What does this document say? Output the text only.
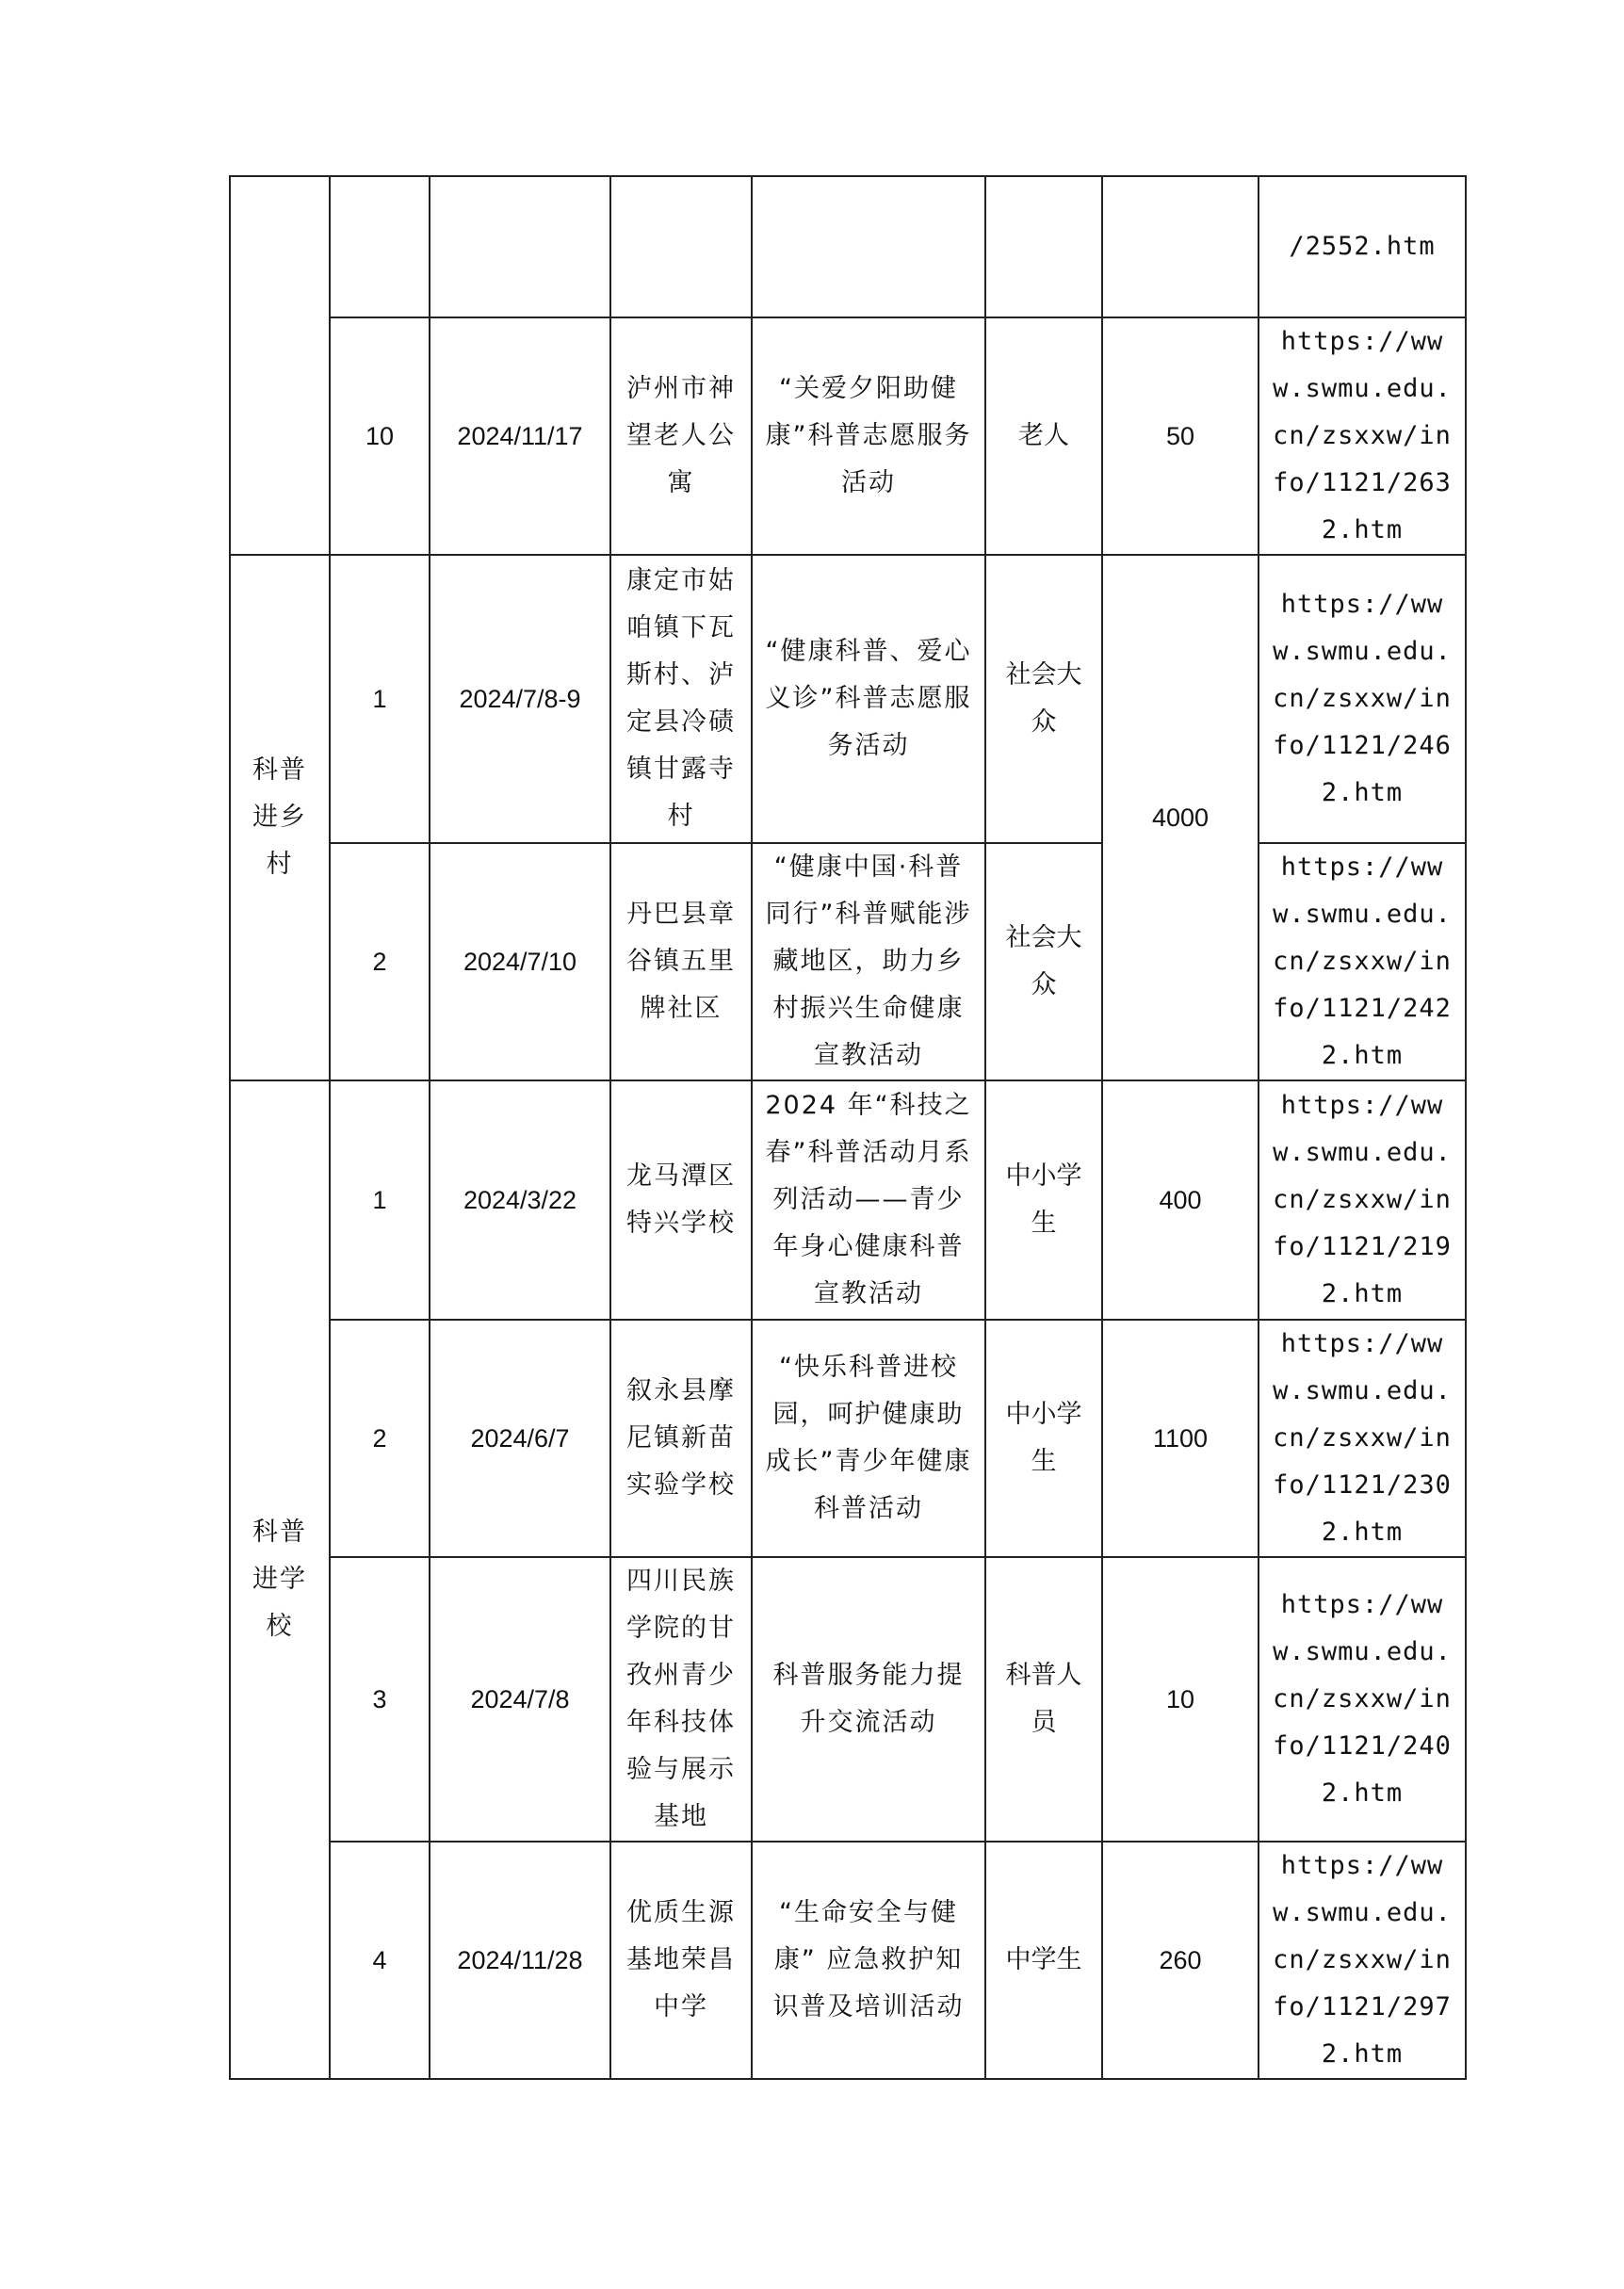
							/2552.htm
	10	2024/11/17	泸州市神望老人公寓	“关爱夕阳助健康”科普志愿服务活动	老人	50	https://www.swmu.edu.cn/zsxxw/info/1121/2632.htm
科普进乡村	1	2024/7/8-9	康定市姑咱镇下瓦斯村、泸定县冷碛镇甘露寺村	“健康科普、爱心义诊”科普志愿服务活动	社会大众	4000	https://www.swmu.edu.cn/zsxxw/info/1121/2462.htm
	2	2024/7/10	丹巴县章谷镇五里牌社区	“健康中国·科普同行”科普赋能涉藏地区，助力乡村振兴生命健康宣教活动	社会大众		https://www.swmu.edu.cn/zsxxw/info/1121/2422.htm
科普进学校	1	2024/3/22	龙马潭区特兴学校	2024 年“科技之春”科普活动月系列活动——青少年身心健康科普宣教活动	中小学生	400	https://www.swmu.edu.cn/zsxxw/info/1121/2192.htm
	2	2024/6/7	叙永县摩尼镇新苗实验学校	“快乐科普进校园，呵护健康助成长”青少年健康科普活动	中小学生	1100	https://www.swmu.edu.cn/zsxxw/info/1121/2302.htm
	3	2024/7/8	四川民族学院的甘孜州青少年科技体验与展示基地	科普服务能力提升交流活动	科普人员	10	https://www.swmu.edu.cn/zsxxw/info/1121/2402.htm
	4	2024/11/28	优质生源基地荣昌中学	“生命安全与健康” 应急救护知识普及培训活动	中学生	260	https://www.swmu.edu.cn/zsxxw/info/1121/2972.htm
